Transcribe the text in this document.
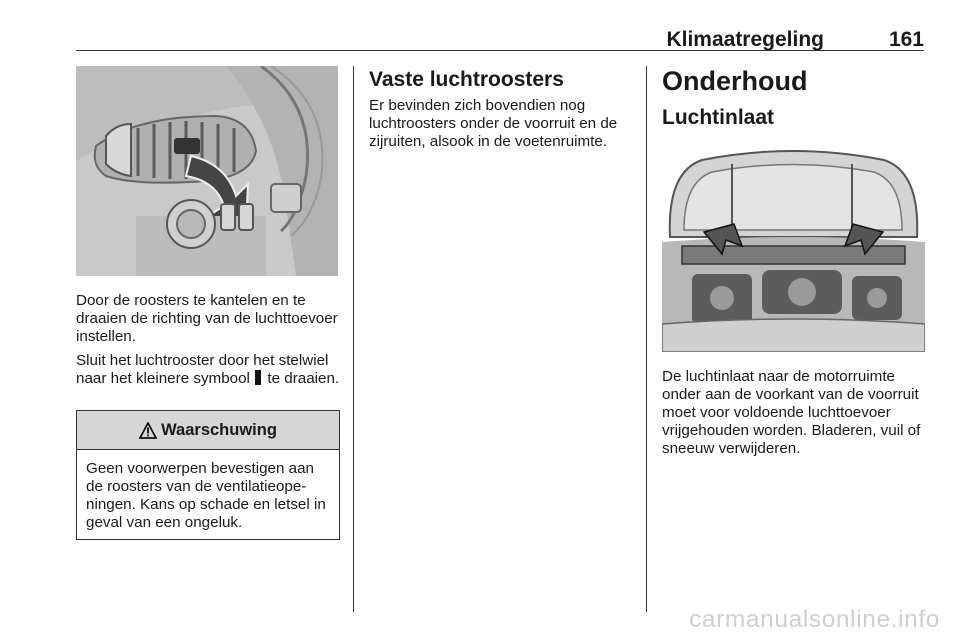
Klimaatregeling	161

Door de roosters te kantelen en te draaien de richting van de luchttoevoer instellen.

Sluit het luchtrooster door het stelwiel naar het kleinere symbool  te draaien.

Waarschuwing

Geen voorwerpen bevestigen aan de roosters van de ventilatieopeningen. Kans op schade en letsel in geval van een ongeluk.

Vaste luchtroosters

Er bevinden zich bovendien nog luchtroosters onder de voorruit en de zijruiten, alsook in de voetenruimte.

Onderhoud

Luchtinlaat

De luchtinlaat naar de motorruimte onder aan de voorkant van de voorruit moet voor voldoende luchttoevoer vrijgehouden worden. Bladeren, vuil of sneeuw verwijderen.

carmanualsonline.info
